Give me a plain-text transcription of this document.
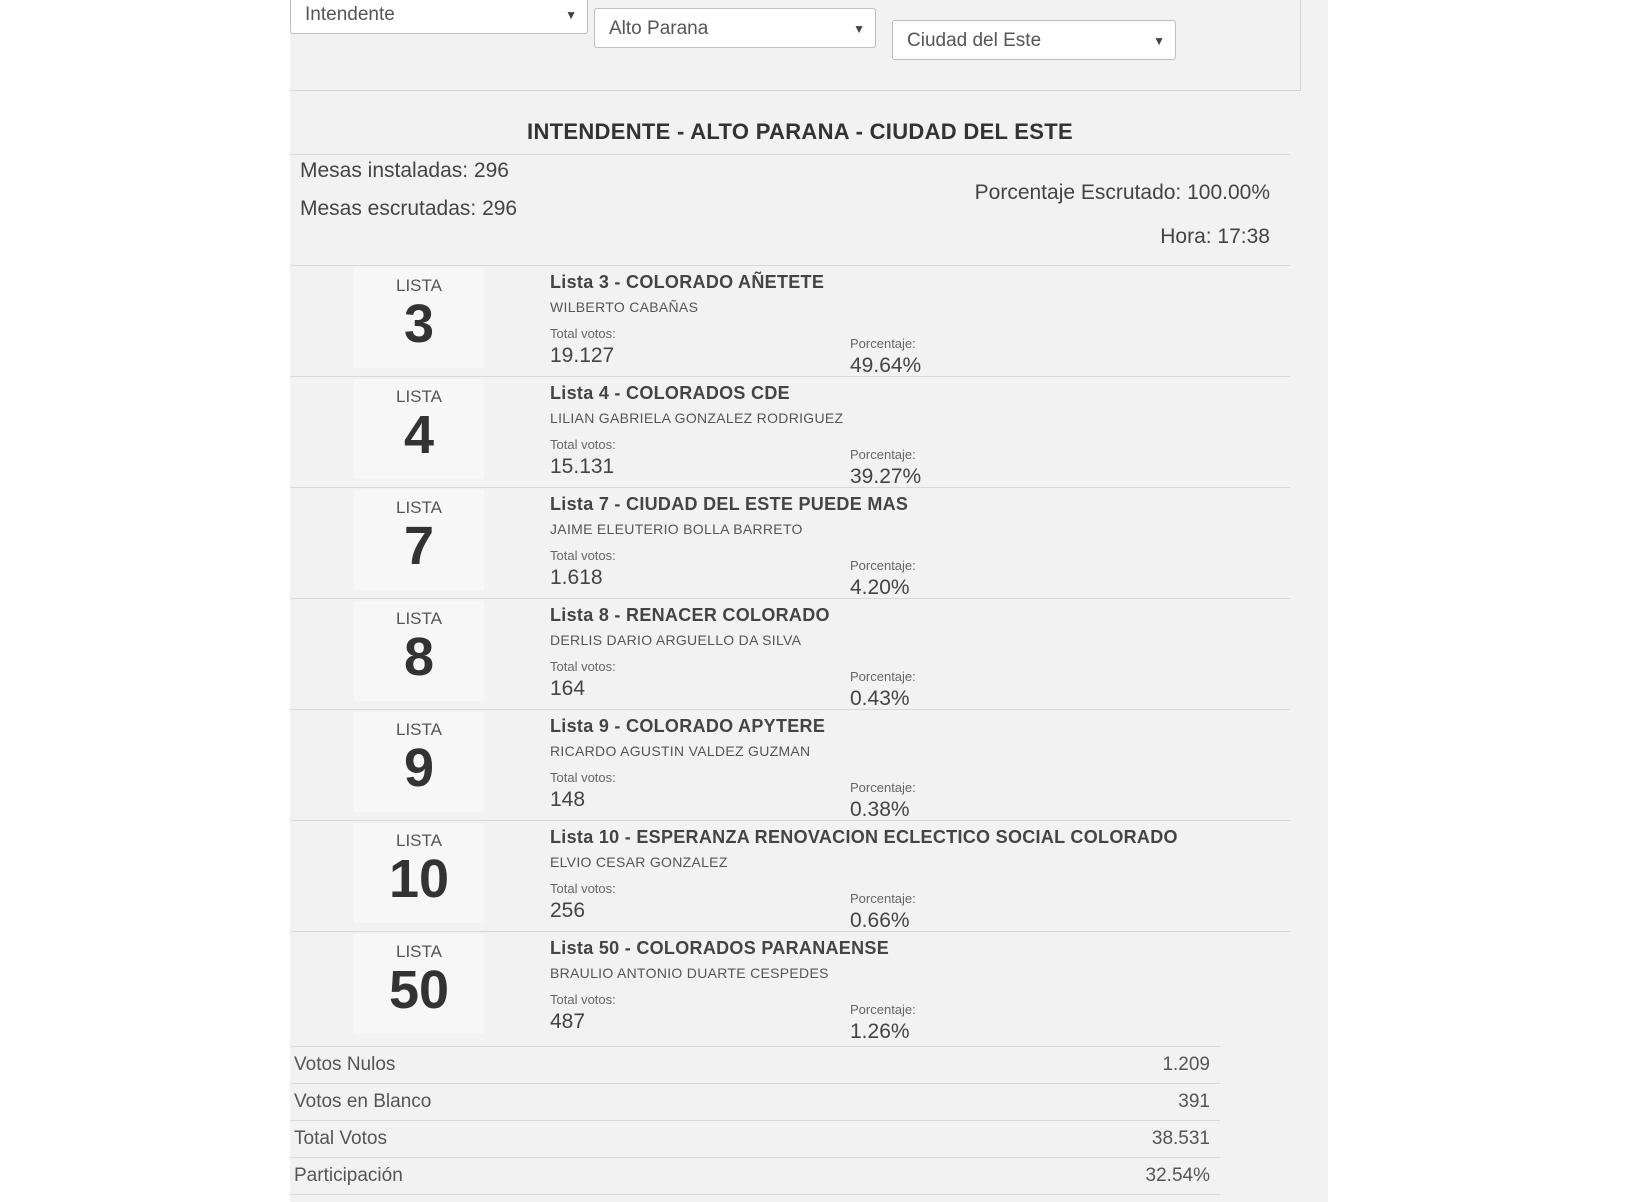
Intendente	▼
Alto Parana	▼
Ciudad del Este	▼
INTENDENTE - ALTO PARANA - CIUDAD DEL ESTE
Mesas instaladas: 296
Mesas escrutadas: 296
Porcentaje Escrutado: 100.00%
Hora: 17:38
LISTA
3
Lista 3 - COLORADO AÑETETE
WILBERTO CABAÑAS
Total votos:
19.127
Porcentaje:
49.64%
LISTA
4
Lista 4 - COLORADOS CDE
LILIAN GABRIELA GONZALEZ RODRIGUEZ
Total votos:
15.131
Porcentaje:
39.27%
LISTA
7
Lista 7 - CIUDAD DEL ESTE PUEDE MAS
JAIME ELEUTERIO BOLLA BARRETO
Total votos:
1.618
Porcentaje:
4.20%
LISTA
8
Lista 8 - RENACER COLORADO
DERLIS DARIO ARGUELLO DA SILVA
Total votos:
164
Porcentaje:
0.43%
LISTA
9
Lista 9 - COLORADO APYTERE
RICARDO AGUSTIN VALDEZ GUZMAN
Total votos:
148
Porcentaje:
0.38%
LISTA
10
Lista 10 - ESPERANZA RENOVACION ECLECTICO SOCIAL COLORADO
ELVIO CESAR GONZALEZ
Total votos:
256
Porcentaje:
0.66%
LISTA
50
Lista 50 - COLORADOS PARANAENSE
BRAULIO ANTONIO DUARTE CESPEDES
Total votos:
487
Porcentaje:
1.26%
Votos Nulos	1.209
Votos en Blanco	391
Total Votos	38.531
Participación	32.54%
